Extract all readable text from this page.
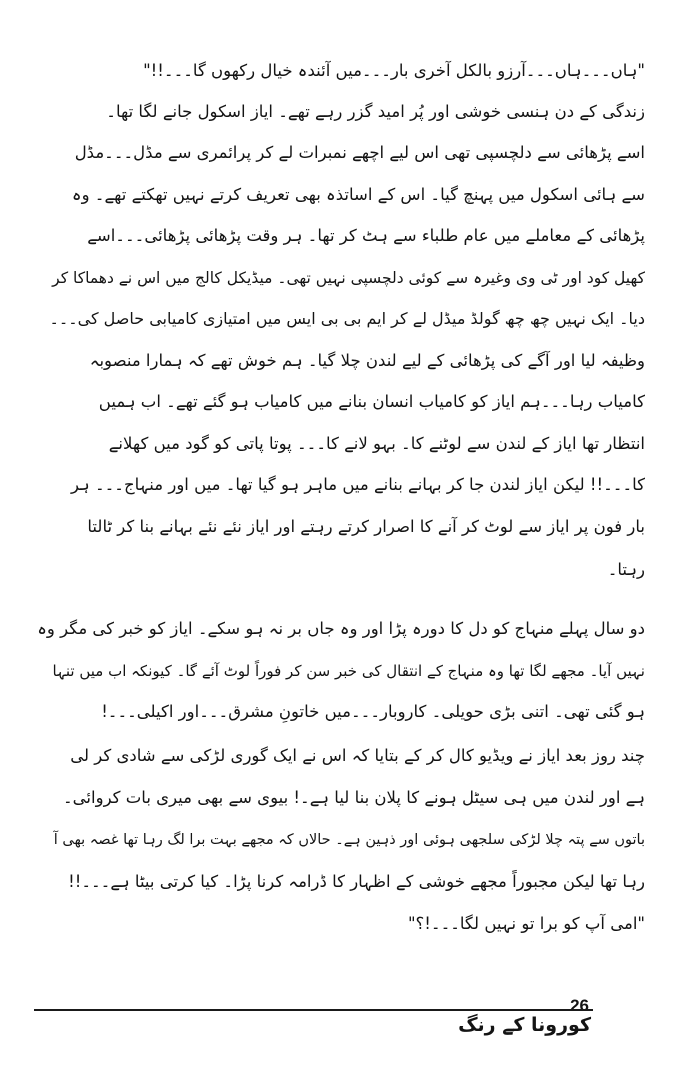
"ہاں۔۔۔ہاں۔۔۔آرزو بالکل آخری بار۔۔۔میں آئندہ خیال رکھوں گا۔۔۔!!"
زندگی کے دن ہنسی خوشی اور پُر امید گزر رہے تھے۔ ایاز اسکول جانے لگا تھا۔
اسے پڑھائی سے دلچسپی تھی اس لیے اچھے نمبرات لے کر پرائمری سے مڈل۔۔۔مڈل
سے ہائی اسکول میں پہنچ گیا۔ اس کے اساتذہ بھی تعریف کرتے نہیں تھکتے تھے۔ وہ
پڑھائی کے معاملے میں عام طلباء سے ہٹ کر تھا۔ ہر وقت پڑھائی پڑھائی۔۔۔اسے
کھیل کود اور ٹی وی وغیرہ سے کوئی دلچسپی نہیں تھی۔ میڈیکل کالج میں اس نے دھماکا کر
دیا۔ ایک نہیں چھ چھ گولڈ میڈل لے کر ایم بی بی ایس میں امتیازی کامیابی حاصل کی۔۔۔
وظیفہ لیا اور آگے کی پڑھائی کے لیے لندن چلا گیا۔ ہم خوش تھے کہ ہمارا منصوبہ
کامیاب رہا۔۔۔ہم ایاز کو کامیاب انسان بنانے میں کامیاب ہو گئے تھے۔ اب ہمیں
انتظار تھا ایاز کے لندن سے لوٹنے کا۔ بہو لانے کا۔۔۔ پوتا پاتی کو گود میں کھلانے
کا۔۔۔!! لیکن ایاز لندن جا کر بہانے بنانے میں ماہر ہو گیا تھا۔ میں اور منہاج۔۔۔ ہر
بار فون پر ایاز سے لوٹ کر آنے کا اصرار کرتے رہتے اور ایاز نئے نئے بہانے بنا کر ٹالتا
رہتا۔
دو سال پہلے منہاج کو دل کا دورہ پڑا اور وہ جاں بر نہ ہو سکے۔ ایاز کو خبر کی مگر وہ
نہیں آیا۔ مجھے لگا تھا وہ منہاج کے انتقال کی خبر سن کر فوراً لوٹ آئے گا۔ کیونکہ اب میں تنہا
ہو گئی تھی۔ اتنی بڑی حویلی۔ کاروبار۔۔۔میں خاتونِ مشرق۔۔۔اور اکیلی۔۔۔!
چند روز بعد ایاز نے ویڈیو کال کر کے بتایا کہ اس نے ایک گوری لڑکی سے شادی کر لی
ہے اور لندن میں ہی سیٹل ہونے کا پلان بنا لیا ہے۔! بیوی سے بھی میری بات کروائی۔
باتوں سے پتہ چلا لڑکی سلجھی ہوئی اور ذہین ہے۔ حالاں کہ مجھے بہت برا لگ رہا تھا غصہ بھی آ
رہا تھا لیکن مجبوراً مجھے خوشی کے اظہار کا ڈرامہ کرنا پڑا۔ کیا کرتی بیٹا ہے۔۔۔!!
"امی آپ کو برا تو نہیں لگا۔۔۔!؟"
26
کورونا کے رنگ
